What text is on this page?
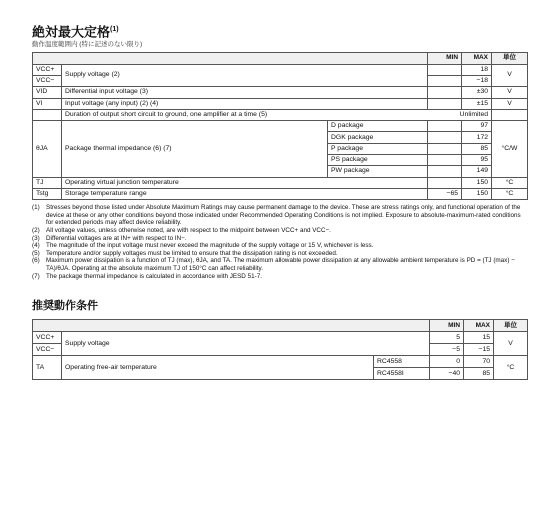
絶対最大定格$^{(1)}$
動作温度範囲内 (特に記述のない限り)
			MIN	MAX	単位
VCC+	Supply voltage (2)			18	V
VCC−				−18	
VID	Differential input voltage (3)			±30	V
VI	Input voltage (any input) (2) (4)			±15	V
	Duration of output short circuit to ground, one amplifier at a time (5) Unlimited				

θJA	Package thermal impedance (6) (7)	D package		97	°C/W
		DGK package		172	
		P package		85	
		PS package		95	
		PW package		149	
TJ	Operating virtual junction temperature			150	°C
Tstg	Storage temperature range		−65	150	°C
(1) Stresses beyond those listed under Absolute Maximum Ratings may cause permanent damage to the device. These are stress ratings only, and functional operation of the device at these or any other conditions beyond those indicated under Recommended Operating Conditions is not implied. Exposure to absolute-maximum-rated conditions for extended periods may affect device reliability.
(2) All voltage values, unless otherwise noted, are with respect to the midpoint between VCC+ and VCC−.
(3) Differential voltages are at IN+ with respect to IN−.
(4) The magnitude of the input voltage must never exceed the magnitude of the supply voltage or 15 V, whichever is less.
(5) Temperature and/or supply voltages must be limited to ensure that the dissipation rating is not exceeded.
(6) Maximum power dissipation is a function of TJ (max), θJA, and TA. The maximum allowable power dissipation at any allowable ambient temperature is PD = (TJ (max) − TA)/θJA. Operating at the absolute maximum TJ of 150°C can affect reliability.
(7) The package thermal impedance is calculated in accordance with JESD 51-7.
推奨動作条件
			MIN	MAX	単位
VCC+	Supply voltage		5	15	V
VCC−			−5	−15	
TA	Operating free-air temperature	RC4558	0	70	°C
		RC4558I	−40	85	
